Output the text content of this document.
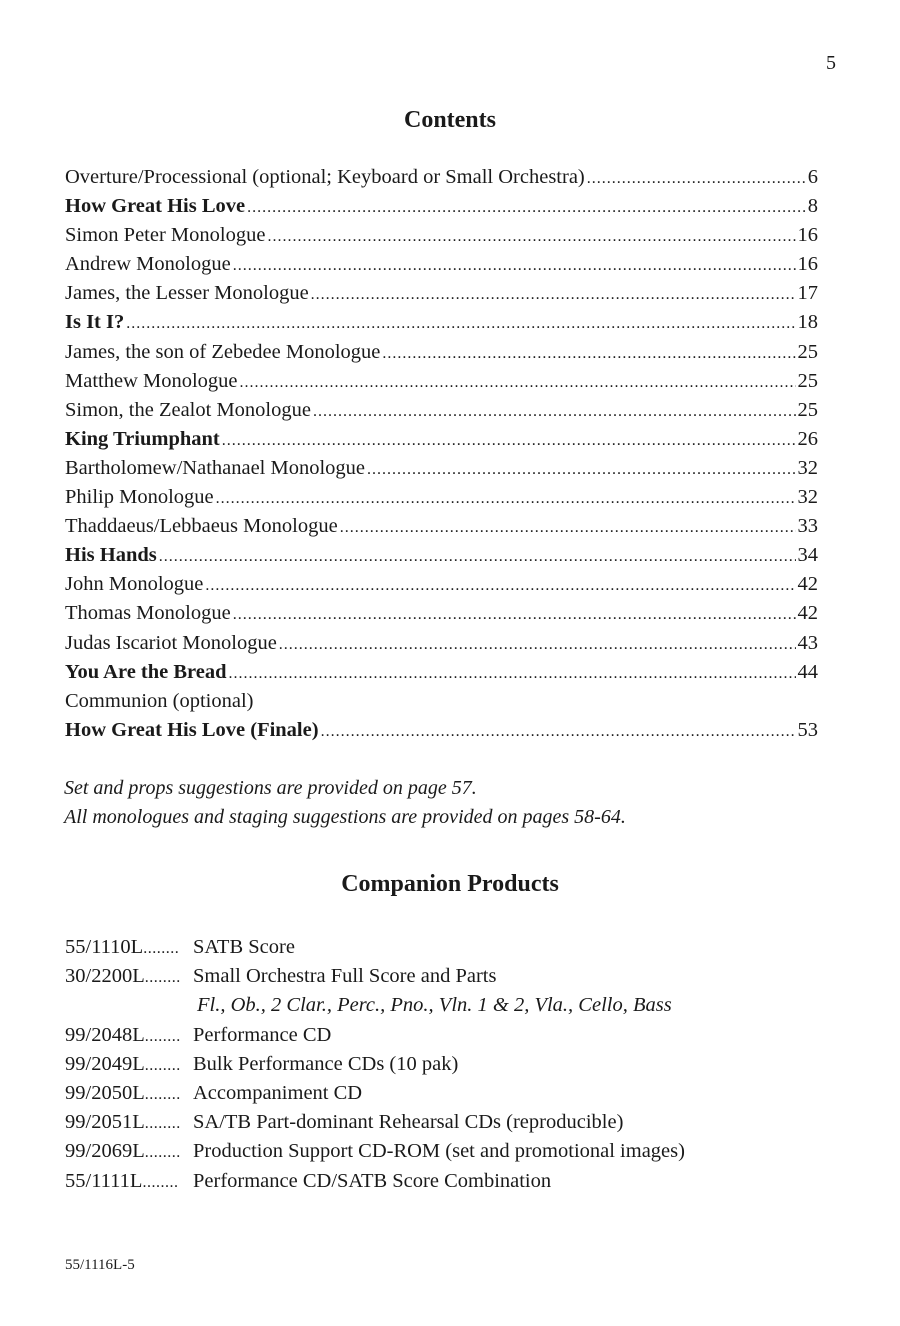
5
Contents
Overture/Processional (optional; Keyboard or Small Orchestra) .....	6
How Great His Love .....	8
Simon Peter Monologue .....	16
Andrew Monologue .....	16
James, the Lesser Monologue .....	17
Is It I? .....	18
James, the son of Zebedee Monologue .....	25
Matthew Monologue .....	25
Simon, the Zealot Monologue .....	25
King Triumphant .....	26
Bartholomew/Nathanael Monologue .....	32
Philip Monologue .....	32
Thaddaeus/Lebbaeus Monologue .....	33
His Hands .....	34
John Monologue .....	42
Thomas Monologue .....	42
Judas Iscariot Monologue .....	43
You Are the Bread .....	44
Communion (optional)
How Great His Love (Finale) .....	53
Set and props suggestions are provided on page 57.
All monologues and staging suggestions are provided on pages 58-64.
Companion Products
55/1110L........ SATB Score
30/2200L........ Small Orchestra Full Score and Parts
Fl., Ob., 2 Clar., Perc., Pno., Vln. 1 & 2, Vla., Cello, Bass
99/2048L........ Performance CD
99/2049L........ Bulk Performance CDs (10 pak)
99/2050L........ Accompaniment CD
99/2051L........ SA/TB Part-dominant Rehearsal CDs (reproducible)
99/2069L........ Production Support CD-ROM (set and promotional images)
55/1111L........ Performance CD/SATB Score Combination
55/1116L-5
